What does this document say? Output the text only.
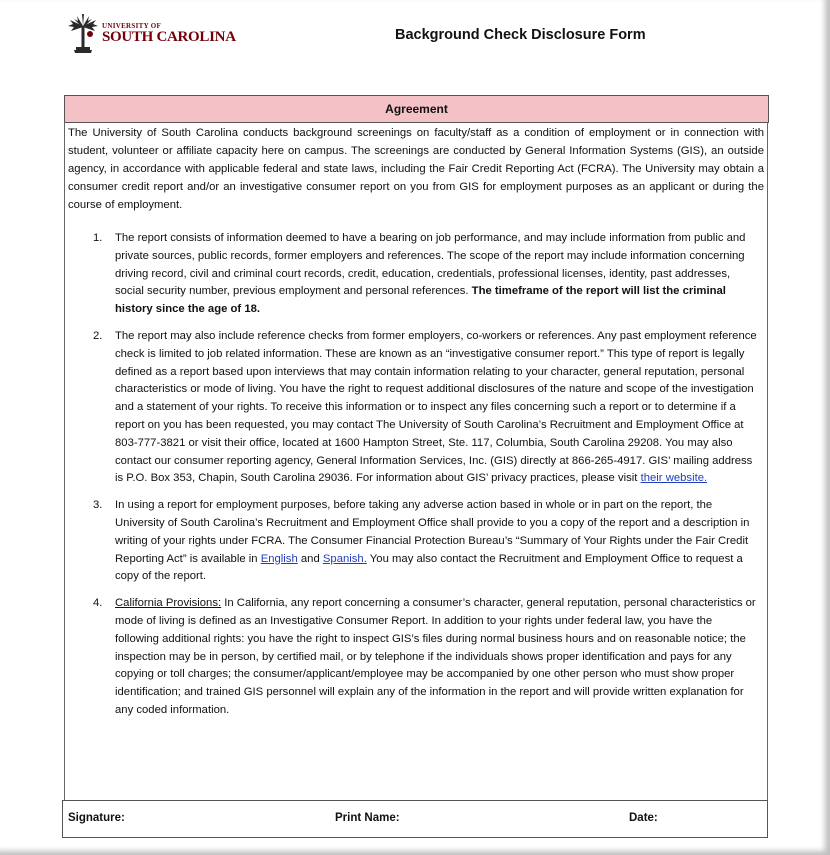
UNIVERSITY OF
SOUTH CAROLINA	Background Check Disclosure Form
Agreement
The University of South Carolina conducts background screenings on faculty/staff as a condition of employment or in connection with student, volunteer or affiliate capacity here on campus. The screenings are conducted by General Information Systems (GIS), an outside agency, in accordance with applicable federal and state laws, including the Fair Credit Reporting Act (FCRA). The University may obtain a consumer credit report and/or an investigative consumer report on you from GIS for employment purposes as an applicant or during the course of employment.
1.	The report consists of information deemed to have a bearing on job performance, and may include information from public and private sources, public records, former employers and references. The scope of the report may include information concerning driving record, civil and criminal court records, credit, education, credentials, professional licenses, identity, past addresses, social security number, previous employment and personal references. The timeframe of the report will list the criminal history since the age of 18.
2.	The report may also include reference checks from former employers, co-workers or references. Any past employment reference check is limited to job related information. These are known as an “investigative consumer report.” This type of report is legally defined as a report based upon interviews that may contain information relating to your character, general reputation, personal characteristics or mode of living. You have the right to request additional disclosures of the nature and scope of the investigation and a statement of your rights. To receive this information or to inspect any files concerning such a report or to determine if a report on you has been requested, you may contact The University of South Carolina’s Recruitment and Employment Office at 803-777-3821 or visit their office, located at 1600 Hampton Street, Ste. 117, Columbia, South Carolina 29208. You may also contact our consumer reporting agency, General Information Services, Inc. (GIS) directly at 866-265-4917. GIS’ mailing address is P.O. Box 353, Chapin, South Carolina 29036. For information about GIS’ privacy practices, please visit their website.
3.	In using a report for employment purposes, before taking any adverse action based in whole or in part on the report, the University of South Carolina’s Recruitment and Employment Office shall provide to you a copy of the report and a description in writing of your rights under FCRA. The Consumer Financial Protection Bureau’s “Summary of Your Rights under the Fair Credit Reporting Act” is available in English and Spanish. You may also contact the Recruitment and Employment Office to request a copy of the report.
4.	California Provisions: In California, any report concerning a consumer’s character, general reputation, personal characteristics or mode of living is defined as an Investigative Consumer Report. In addition to your rights under federal law, you have the following additional rights: you have the right to inspect GIS’s files during normal business hours and on reasonable notice; the inspection may be in person, by certified mail, or by telephone if the individuals shows proper identification and pays for any copying or toll charges; the consumer/applicant/employee may be accompanied by one other person who must show proper identification; and trained GIS personnel will explain any of the information in the report and will provide written explanation for any coded information.
Signature:	Print Name:	Date:
